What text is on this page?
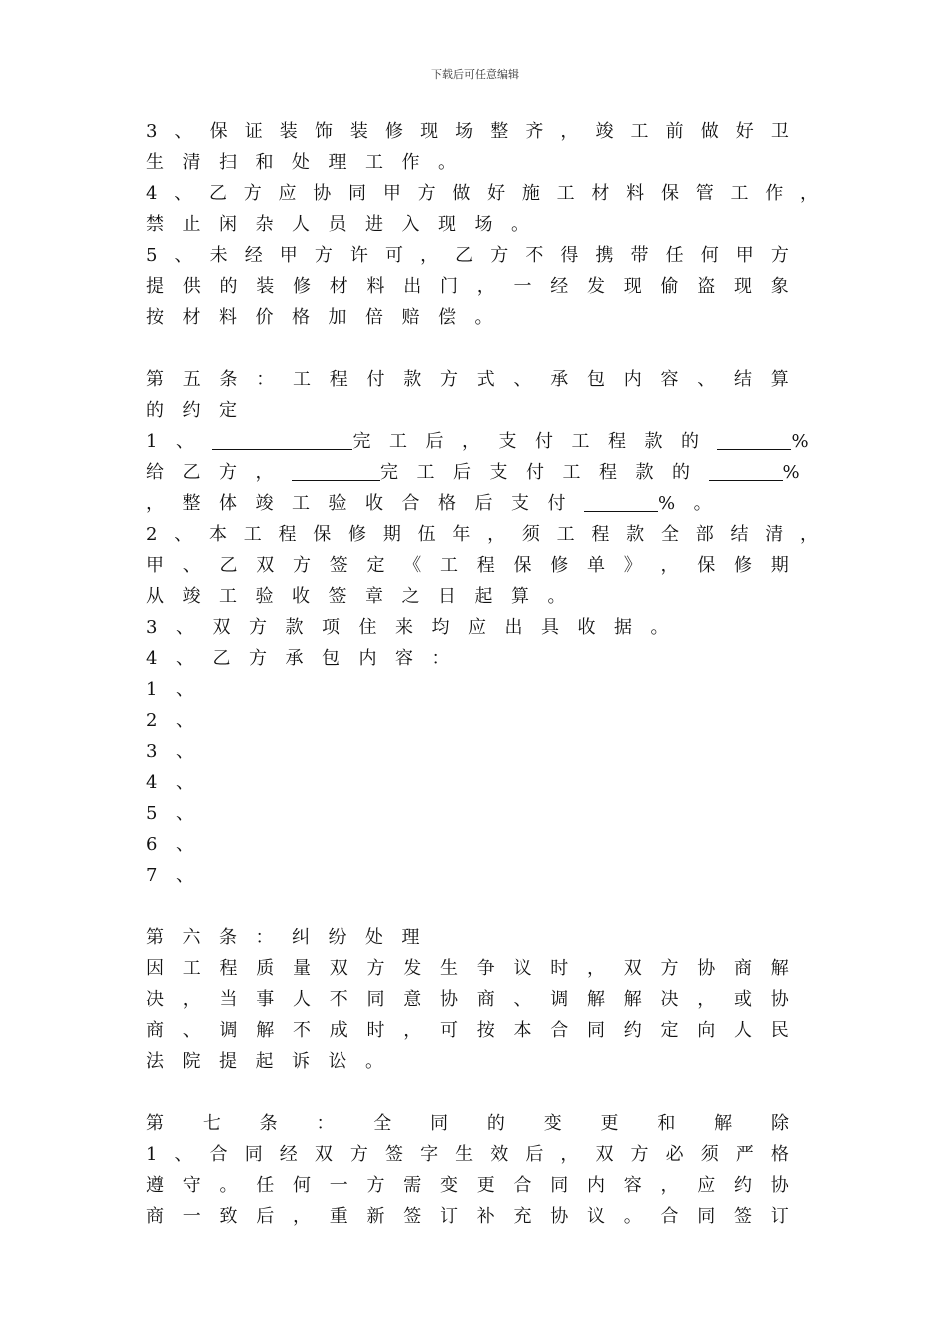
下载后可任意编辑
3 、 保 证 装 饰 装 修 现 场 整 齐 ， 竣 工 前 做 好 卫
生清扫和处理工作。
4 、 乙 方 应 协 同 甲 方 做 好 施 工 材 料 保 管 工 作 ，
禁止闲杂人员进入现场。
5 、 未 经 甲 方 许 可 ， 乙 方 不 得 携 带 任 何 甲 方
提 供 的 装 修 材 料 出 门 ， 一 经 发 现 偷 盗 现 象
按材料价格加倍赔偿。
第 五 条 ： 工 程 付 款 方 式 、 承 包 内 容 、 结 算
的约定
1、	完工后，支付工程款的	%
给乙方，	完工后支付工程款的	%
，整体竣工验收合格后支付	%。
2 、 本 工 程 保 修 期 伍 年 ， 须 工 程 款 全 部 结 清 ，
甲 、 乙 双 方 签 定 《 工 程 保 修 单 》 ， 保 修 期
从竣工验收签章之日起算。
3、双方款项住来均应出具收据。
4、乙方承包内容：
1、
2、
3、
4、
5、
6、
7、
第六条：纠纷处理
因 工 程 质 量 双 方 发 生 争 议 时 ， 双 方 协 商 解
决 ， 当 事 人 不 同 意 协 商 、 调 解 解 决 ， 或 协
商 、 调 解 不 成 时 ， 可 按 本 合 同 约 定 向 人 民
法院提起诉讼。
第 七 条 ： 全 同 的 变 更 和 解 除
1 、 合 同 经 双 方 签 字 生 效 后 ， 双 方 必 须 严 格
遵 守 。 任 何 一 方 需 变 更 合 同 内 容 ， 应 约 协
商 一 致 后 ， 重 新 签 订 补 充 协 议 。 合 同 签 订
